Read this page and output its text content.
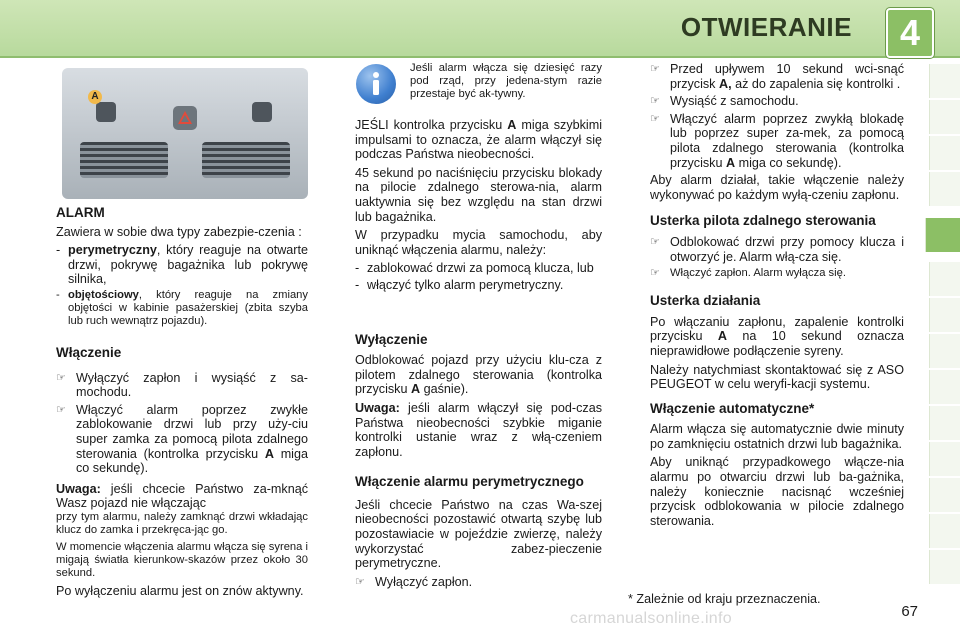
OTWIERANIE	4
A
ALARM

Zawiera w sobie dwa typy zabezpie-czenia :

- perymetryczny, który reaguje na otwarte drzwi, pokrywę bagażnika lub pokrywę silnika,
- objętościowy, który reaguje na zmiany objętości w kabinie pasażerskiej (zbita szyba lub ruch wewnątrz pojazdu).
Włączenie
☞ Wyłączyć zapłon i wysiąść z sa-mochodu.
☞ Włączyć alarm poprzez zwykłe zablokowanie drzwi lub przy uży-ciu super zamka za pomocą pilota zdalnego sterowania (kontrolka przycisku A miga co sekundę).

Uwaga: jeśli chcecie Państwo za-mknąć Wasz pojazd nie włączając

przy tym alarmu, należy zamknąć drzwi wkładając klucz do zamka i przekręca-jąc go.

W momencie włączenia alarmu włącza się syrena i migają światła kierunkow-skazów przez około 30 sekund.

Po wyłączeniu alarmu jest on znów aktywny.

Jeśli alarm włącza się dziesięć razy pod rząd, przy jedena-stym razie przestaje być ak-tywny.

JEŚLI kontrolka przycisku A miga szybkimi impulsami to oznacza, że alarm włączył się podczas Państwa nieobecności.

45 sekund po naciśnięciu przycisku blokady na pilocie zdalnego sterowa-nia, alarm uaktywnia się bez względu na stan drzwi lub bagażnika.

W przypadku mycia samochodu, aby uniknąć włączenia alarmu, należy:

- zablokować drzwi za pomocą klucza, lub
- włączyć tylko alarm perymetryczny.
Wyłączenie

Odblokować pojazd przy użyciu klu-cza z pilotem zdalnego sterowania (kontrolka przycisku A gaśnie).

Uwaga: jeśli alarm włączył się pod-czas Państwa nieobecności szybkie miganie kontrolki ustanie wraz z włą-czeniem zapłonu.

Włączenie alarmu perymetrycznego

Jeśli chcecie Państwo na czas Wa-szej nieobecności pozostawić otwartą szybę lub pozostawiacie w pojeździe zwierzę, należy wykorzystać zabez-pieczenie perymetryczne.

☞ Wyłączyć zapłon.
☞ Przed upływem 10 sekund wci-snąć przycisk A, aż do zapalenia się kontrolki .
☞ Wysiąść z samochodu.
☞ Włączyć alarm poprzez zwykłą blokadę lub poprzez super za-mek, za pomocą pilota zdalnego sterowania (kontrolka przycisku A miga co sekundę).

Aby alarm działał, takie włączenie należy wykonywać po każdym wyłą-czeniu zapłonu.

Usterka pilota zdalnego sterowania
☞ Odblokować drzwi przy pomocy klucza i otworzyć je. Alarm włą-cza się.
☞ Włączyć zapłon. Alarm wyłącza się.
Usterka działania

Po włączaniu zapłonu, zapalenie kontrolki przycisku A na 10 sekund oznacza nieprawidłowe podłączenie syreny.

Należy natychmiast skontaktować się z ASO PEUGEOT w celu weryfi-kacji systemu.

Włączenie automatyczne*

Alarm włącza się automatycznie dwie minuty po zamknięciu ostatnich drzwi lub bagażnika.

Aby uniknąć przypadkowego włącze-nia alarmu po otwarciu drzwi lub ba-gażnika, należy koniecznie nacisnąć wcześniej przycisk odblokowania w pilocie zdalnego sterowania.

* Zależnie od kraju przeznaczenia.
carmanualsonline.info	67
